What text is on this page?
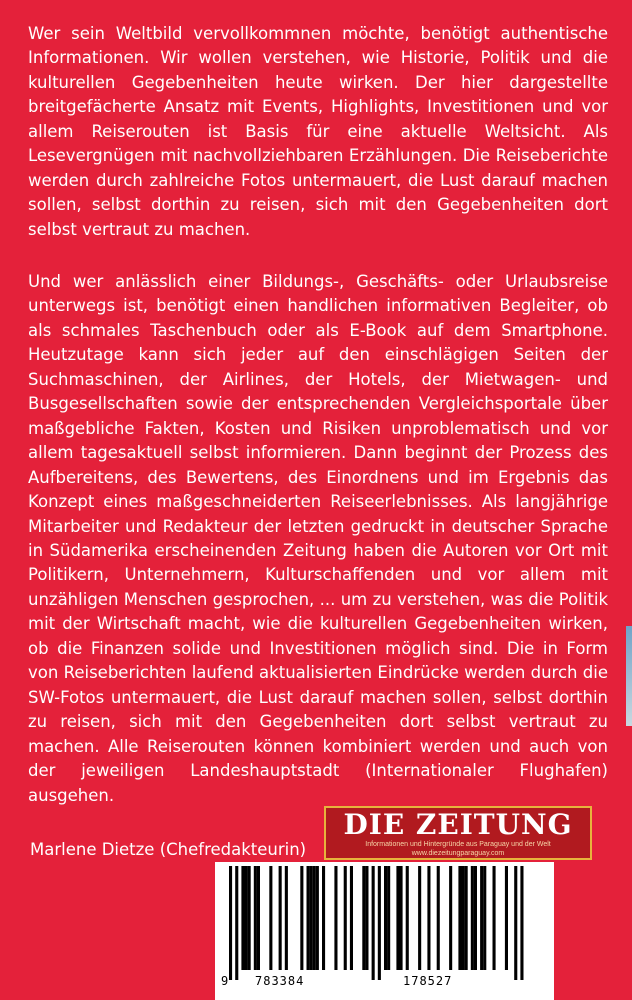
Wer sein Weltbild vervollkommnen möchte, benötigt authentische Informationen. Wir wollen verstehen, wie Historie, Politik und die kulturellen Gegebenheiten heute wirken. Der hier dargestellte breitgefächerte Ansatz mit Events, Highlights, Investitionen und vor allem Reiserouten ist Basis für eine aktuelle Weltsicht. Als Lesevergnügen mit nachvollziehbaren Erzählungen. Die Reiseberichte werden durch zahlreiche Fotos untermauert, die Lust darauf machen sollen, selbst dorthin zu reisen, sich mit den Gegebenheiten dort selbst vertraut zu machen.

Und wer anlässlich einer Bildungs-, Geschäfts- oder Urlaubsreise unterwegs ist, benötigt einen handlichen informativen Begleiter, ob als schmales Taschenbuch oder als E-Book auf dem Smartphone. Heutzutage kann sich jeder auf den einschlägigen Seiten der Suchmaschinen, der Airlines, der Hotels, der Mietwagen- und Busgesellschaften sowie der entsprechenden Vergleichsportale über maßgebliche Fakten, Kosten und Risiken unproblematisch und vor allem tagesaktuell selbst informieren. Dann beginnt der Prozess des Aufbereitens, des Bewertens, des Einordnens und im Ergebnis das Konzept eines maßgeschneiderten Reiseerlebnisses. Als langjährige Mitarbeiter und Redakteur der letzten gedruckt in deutscher Sprache in Südamerika erscheinenden Zeitung haben die Autoren vor Ort mit Politikern, Unternehmern, Kulturschaffenden und vor allem mit unzähligen Menschen gesprochen, ... um zu verstehen, was die Politik mit der Wirtschaft macht, wie die kulturellen Gegebenheiten wirken, ob die Finanzen solide und Investitionen möglich sind. Die in Form von Reiseberichten laufend aktualisierten Eindrücke werden durch die SW-Fotos untermauert, die Lust darauf machen sollen, selbst dorthin zu reisen, sich mit den Gegebenheiten dort selbst vertraut zu machen. Alle Reiserouten können kombiniert werden und auch von der jeweiligen Landeshauptstadt (Internationaler Flughafen) ausgehen.

Marlene Dietze (Chefredakteurin)
DIE ZEITUNG
Informationen und Hintergründe aus Paraguay und der Welt
www.diezeitungparaguay.com
9 783384	178527
